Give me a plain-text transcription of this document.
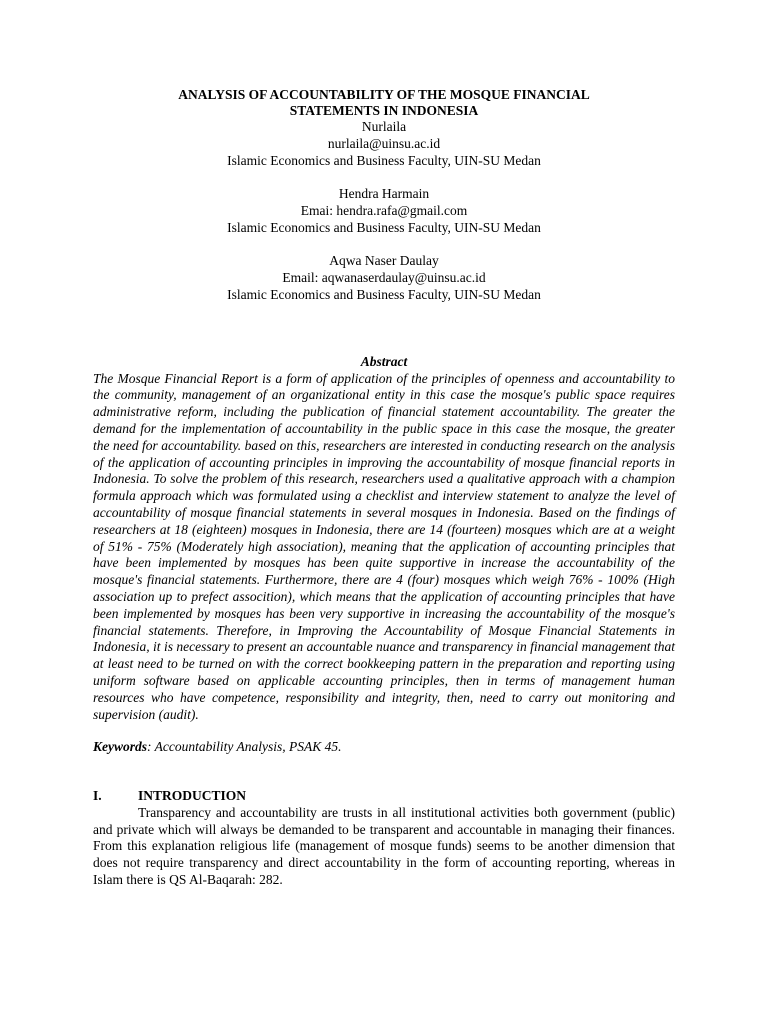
ANALYSIS OF ACCOUNTABILITY OF THE MOSQUE FINANCIAL
STATEMENTS IN INDONESIA
Nurlaila
nurlaila@uinsu.ac.id
Islamic Economics and Business Faculty, UIN-SU Medan
Hendra Harmain
Emai: hendra.rafa@gmail.com
Islamic Economics and Business Faculty, UIN-SU Medan
Aqwa Naser Daulay
Email: aqwanaserdaulay@uinsu.ac.id
Islamic Economics and Business Faculty, UIN-SU Medan
Abstract

The Mosque Financial Report is a form of application of the principles of openness and accountability to the community, management of an organizational entity in this case the mosque's public space requires administrative reform, including the publication of financial statement accountability. The greater the demand for the implementation of accountability in the public space in this case the mosque, the greater the need for accountability. based on this, researchers are interested in conducting research on the analysis of the application of accounting principles in improving the accountability of mosque financial reports in Indonesia. To solve the problem of this research, researchers used a qualitative approach with a champion formula approach which was formulated using a checklist and interview statement to analyze the level of accountability of mosque financial statements in several mosques in Indonesia. Based on the findings of researchers at 18 (eighteen) mosques in Indonesia, there are 14 (fourteen) mosques which are at a weight of 51% - 75% (Moderately high association), meaning that the application of accounting principles that have been implemented by mosques has been quite supportive in increase the accountability of the mosque's financial statements. Furthermore, there are 4 (four) mosques which weigh 76% - 100% (High association up to prefect assocition), which means that the application of accounting principles that have been implemented by mosques has been very supportive in increasing the accountability of the mosque's financial statements. Therefore, in Improving the Accountability of Mosque Financial Statements in Indonesia, it is necessary to present an accountable nuance and transparency in financial management that at least need to be turned on with the correct bookkeeping pattern in the preparation and reporting using uniform software based on applicable accounting principles, then in terms of management human resources who have competence, responsibility and integrity, then, need to carry out monitoring and supervision (audit).

Keywords: Accountability Analysis, PSAK 45.
I.	INTRODUCTION

Transparency and accountability are trusts in all institutional activities both government (public) and private which will always be demanded to be transparent and accountable in managing their finances. From this explanation religious life (management of mosque funds) seems to be another dimension that does not require transparency and direct accountability in the form of accounting reporting, whereas in Islam there is QS Al-Baqarah: 282.
